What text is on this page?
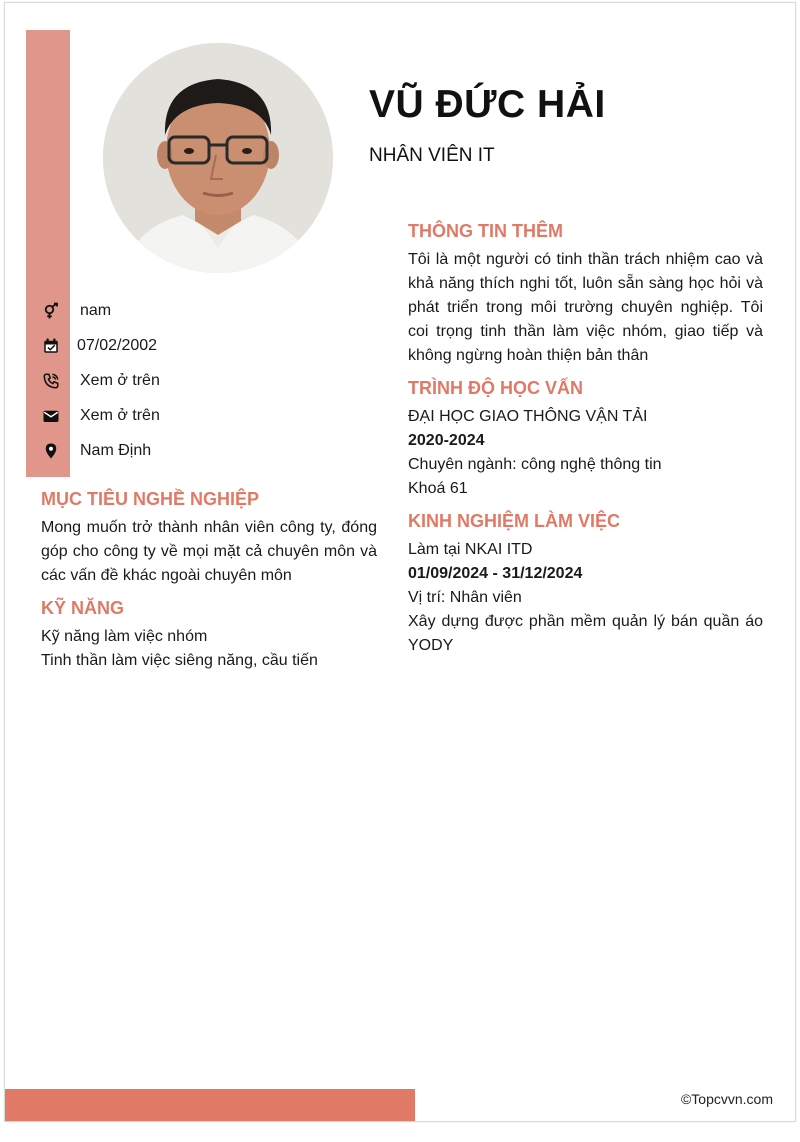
VŨ ĐỨC HẢI
NHÂN VIÊN IT
nam
07/02/2002
Xem ở trên
Xem ở trên
Nam Định
MỤC TIÊU NGHỀ NGHIỆP
Mong muốn trở thành nhân viên công ty, đóng góp cho công ty về mọi mặt cả chuyên môn và các vấn đề khác ngoài chuyên môn
KỸ NĂNG
Kỹ năng làm việc nhóm
Tinh thần làm việc siêng năng, cầu tiến
THÔNG TIN THÊM
Tôi là một người có tinh thần trách nhiệm cao và khả năng thích nghi tốt, luôn sẵn sàng học hỏi và phát triển trong môi trường chuyên nghiệp. Tôi coi trọng tinh thần làm việc nhóm, giao tiếp và không ngừng hoàn thiện bản thân
TRÌNH ĐỘ HỌC VẤN
ĐẠI HỌC GIAO THÔNG VẬN TẢI
2020-2024
Chuyên ngành: công nghệ thông tin
Khoá 61
KINH NGHIỆM LÀM VIỆC
Làm tại NKAI ITD
01/09/2024 - 31/12/2024
Vị trí: Nhân viên
Xây dựng được phần mềm quản lý bán quần áo YODY
©Topcvvn.com
